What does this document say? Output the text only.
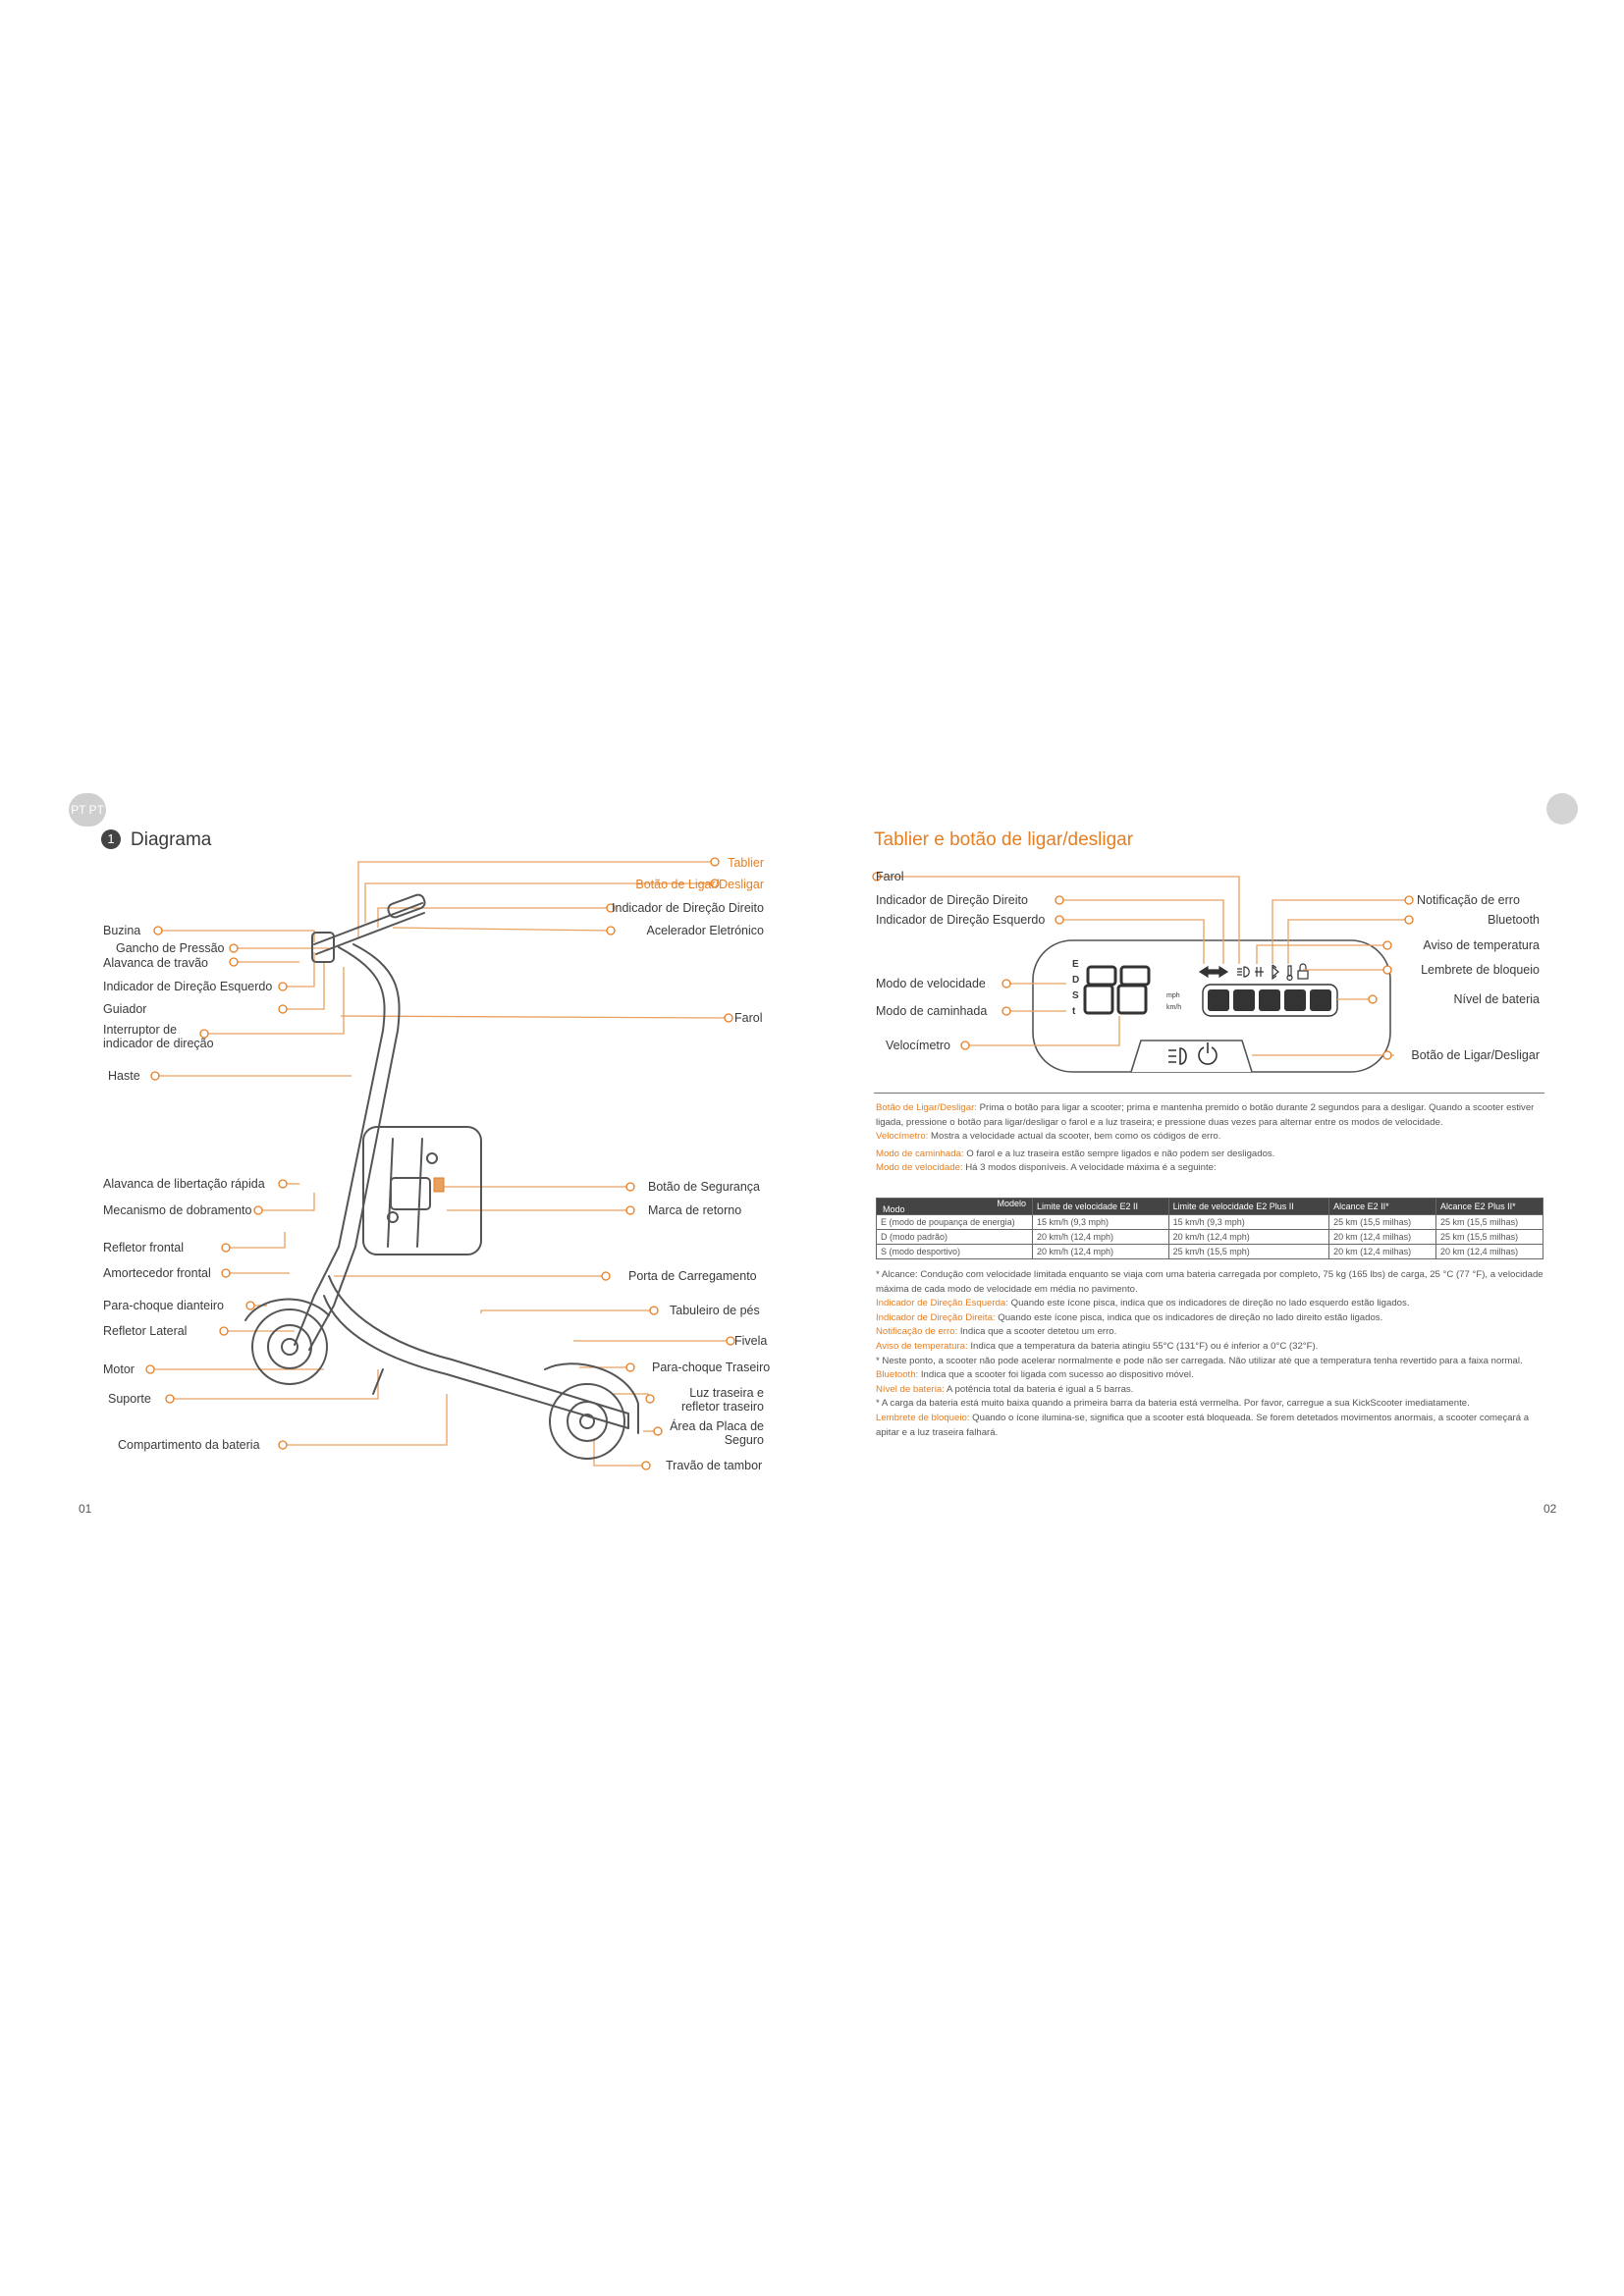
PT PT
1 Diagrama
Tablier
Botão de Ligar/Desligar
Indicador de Direção Direito
Acelerador Eletrónico
Buzina
Gancho de Pressão
Alavanca de travão
Indicador de Direção Esquerdo
Guiador
Interruptor de
indicador de direção
Farol
Haste
Alavanca de libertação rápida
Mecanismo de dobramento
Botão de Segurança
Marca de retorno
Refletor frontal
Amortecedor frontal	Porta de Carregamento
Para-choque dianteiro	Tabuleiro de pés
Refletor Lateral
Fivela
Motor	Para-choque Traseiro
Suporte	Luz traseira e
refletor traseiro
Área da Placa de
Seguro
Compartimento da bateria
Travão de tambor
01
Tablier e botão de ligar/desligar
E
D
S
t
mph
km/h
Farol
Indicador de Direção Direito
Indicador de Direção Esquerdo
Modo de velocidade
Modo de caminhada
Velocímetro
Notificação de erro
Bluetooth
Aviso de temperatura
Lembrete de bloqueio
Nível de bateria
Botão de Ligar/Desligar

Botão de Ligar/Desligar: Prima o botão para ligar a scooter; prima e mantenha premido o botão durante 2 segundos para a desligar. Quando a scooter estiver ligada, pressione o botão para ligar/desligar o farol e a luz traseira; e pressione duas vezes para alternar entre os modos de velocidade.

Velocímetro: Mostra a velocidade actual da scooter, bem como os códigos de erro.

Modo de caminhada: O farol e a luz traseira estão sempre ligados e não podem ser desligados.

Modo de velocidade: Há 3 modos disponíveis. A velocidade máxima é a seguinte:

Modelo
Modo	Limite de velocidade E2 II	Limite de velocidade E2 Plus II	Alcance E2 II*	Alcance E2 Plus II*
E (modo de poupança de energia)	15 km/h (9,3 mph)	15 km/h (9,3 mph)	25 km (15,5 milhas)	25 km (15,5 milhas)
D (modo padrão)	20 km/h (12,4 mph)	20 km/h (12,4 mph)	20 km (12,4 milhas)	25 km (15,5 milhas)
S (modo desportivo)	20 km/h (12,4 mph)	25 km/h (15,5 mph)	20 km (12,4 milhas)	20 km (12,4 milhas)

* Alcance: Condução com velocidade limitada enquanto se viaja com uma bateria carregada por completo, 75 kg (165 lbs) de carga, 25 °C (77 °F), a velocidade máxima de cada modo de velocidade em média no pavimento.

Indicador de Direção Esquerda: Quando este ícone pisca, indica que os indicadores de direção no lado esquerdo estão ligados.

Indicador de Direção Direita: Quando este ícone pisca, indica que os indicadores de direção no lado direito estão ligados.

Notificação de erro: Indica que a scooter detetou um erro.

Aviso de temperatura: Indica que a temperatura da bateria atingiu 55°C (131°F) ou é inferior a 0°C (32°F).

* Neste ponto, a scooter não pode acelerar normalmente e pode não ser carregada. Não utilizar até que a temperatura tenha revertido para a faixa normal.

Bluetooth: Indica que a scooter foi ligada com sucesso ao dispositivo móvel.

Nível de bateria: A potência total da bateria é igual a 5 barras.

* A carga da bateria está muito baixa quando a primeira barra da bateria está vermelha. Por favor, carregue a sua KickScooter imediatamente.

Lembrete de bloqueio: Quando o ícone ilumina-se, significa que a scooter está bloqueada. Se forem detetados movimentos anormais, a scooter começará a apitar e a luz traseira falhará.

02
